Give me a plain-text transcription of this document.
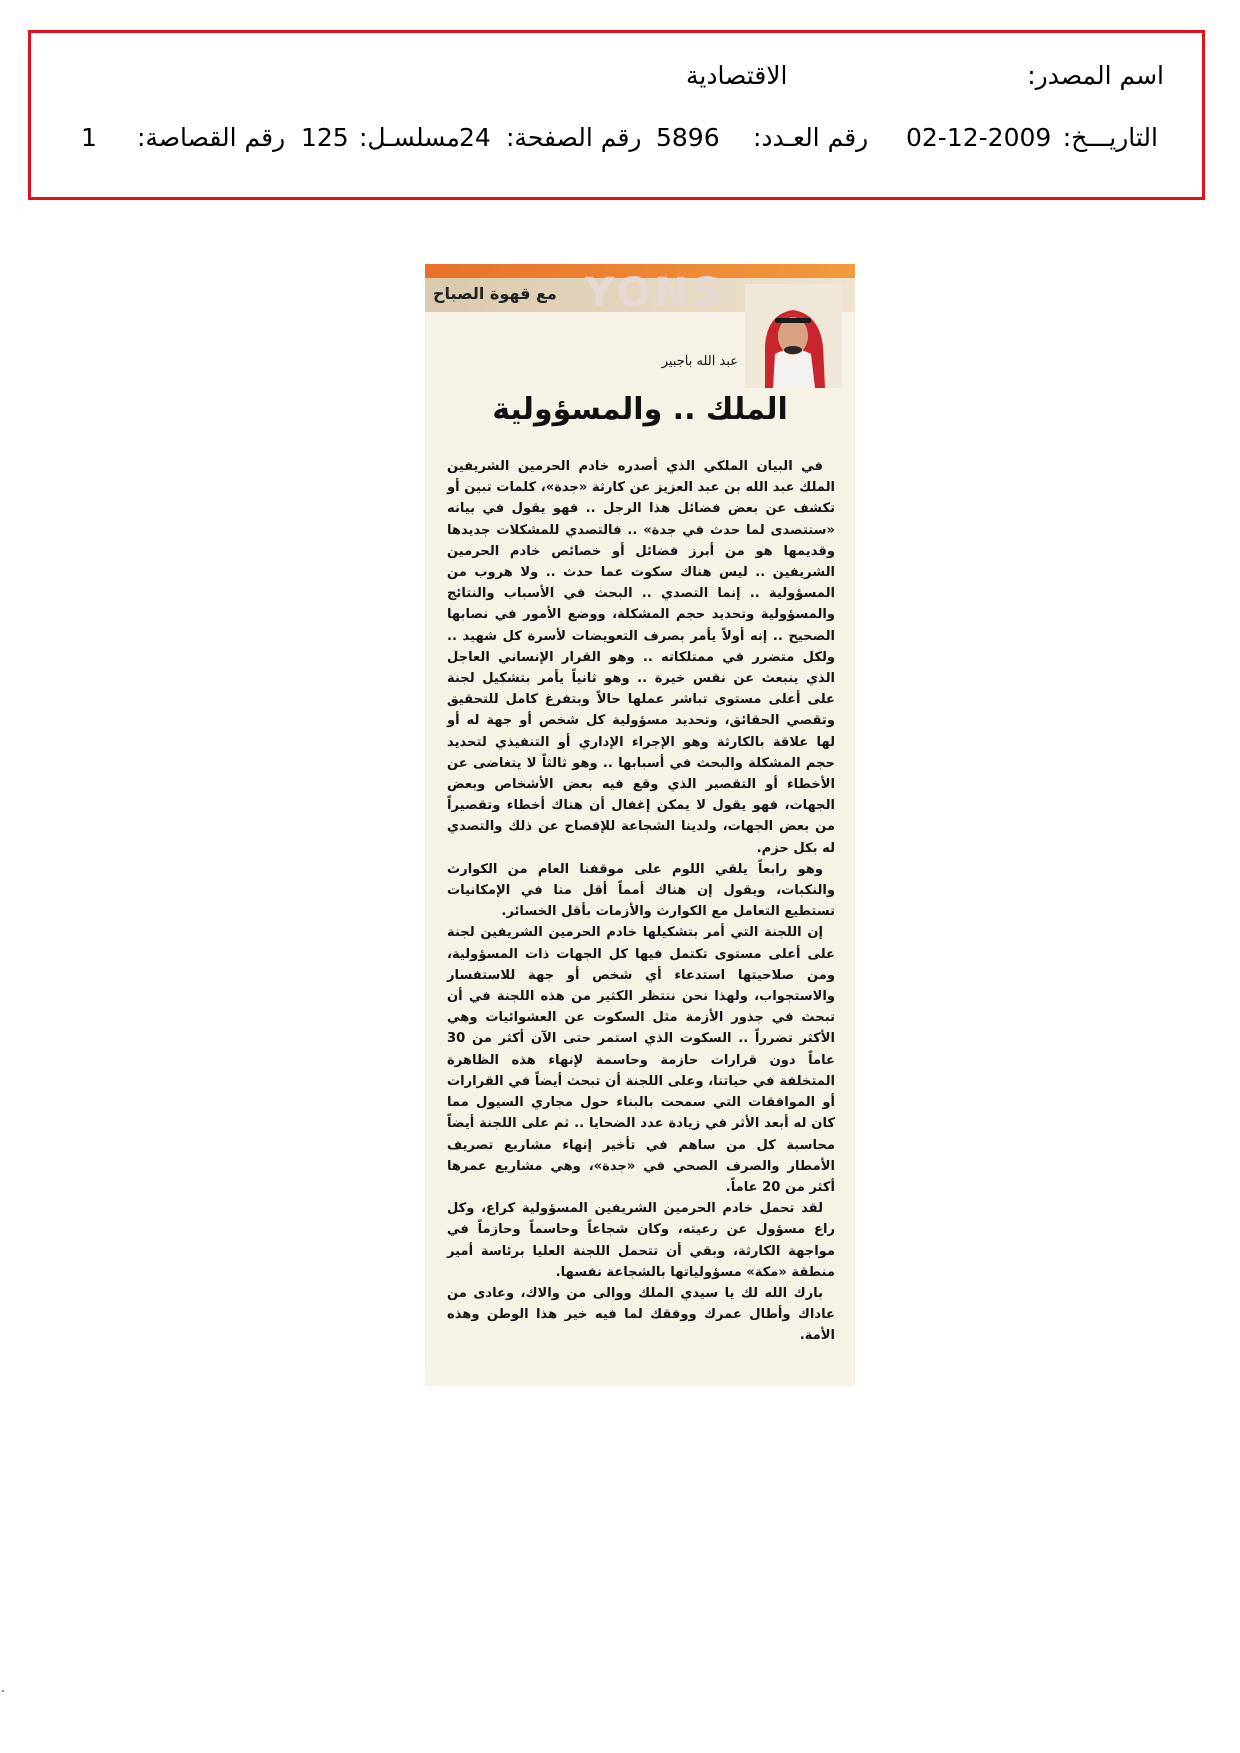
اسم المصدر:
الاقتصادية
التاريـــخ:
02-12-2009
رقم العـدد:
5896
رقم الصفحة:
24
مسلسـل:
125
رقم القصاصة:
1
YONS
مع قهوة الصباح
عبد الله باجبير
الملك .. والمسؤولية

في البيان الملكي الذي أصدره خادم الحرمين الشريفين الملك عبد الله بن عبد العزيز عن كارثة «جدة»، كلمات تبين أو تكشف عن بعض فضائل هذا الرجل .. فهو يقول في بيانه «سنتصدى لما حدث في جدة» .. فالتصدي للمشكلات جديدها وقديمها هو من أبرز فضائل أو خصائص خادم الحرمين الشريفين .. ليس هناك سكوت عما حدث .. ولا هروب من المسؤولية .. إنما التصدي .. البحث في الأسباب والنتائج والمسؤولية وتحديد حجم المشكلة، ووضع الأمور في نصابها الصحيح .. إنه أولاً يأمر بصرف التعويضات لأسرة كل شهيد .. ولكل متضرر في ممتلكاته .. وهو القرار الإنساني العاجل الذي ينبعث عن نفس خيرة .. وهو ثانياً يأمر بتشكيل لجنة على أعلى مستوى تباشر عملها حالاً وبتفرغ كامل للتحقيق وتقصي الحقائق، وتحديد مسؤولية كل شخص أو جهة له أو لها علاقة بالكارثة وهو الإجراء الإداري أو التنفيذي لتحديد حجم المشكلة والبحث في أسبابها .. وهو ثالثاً لا يتغاضى عن الأخطاء أو التقصير الذي وقع فيه بعض الأشخاص وبعض الجهات، فهو يقول لا يمكن إغفال أن هناك أخطاء وتقصيراً من بعض الجهات، ولدينا الشجاعة للإفصاح عن ذلك والتصدي له بكل حزم.

وهو رابعاً يلقي اللوم على موقفنا العام من الكوارث والنكبات، ويقول إن هناك أمماً أقل منا في الإمكانيات تستطيع التعامل مع الكوارث والأزمات بأقل الخسائر.

إن اللجنة التي أمر بتشكيلها خادم الحرمين الشريفين لجنة على أعلى مستوى تكتمل فيها كل الجهات ذات المسؤولية، ومن صلاحيتها استدعاء أي شخص أو جهة للاستفسار والاستجواب، ولهذا نحن ننتظر الكثير من هذه اللجنة في أن تبحث في جذور الأزمة مثل السكوت عن العشوائيات وهي الأكثر تضرراً .. السكوت الذي استمر حتى الآن أكثر من 30 عاماً دون قرارات حازمة وحاسمة لإنهاء هذه الظاهرة المتخلفة في حياتنا، وعلى اللجنة أن تبحث أيضاً في القرارات أو الموافقات التي سمحت بالبناء حول مجاري السيول مما كان له أبعد الأثر في زيادة عدد الضحايا .. ثم على اللجنة أيضاً محاسبة كل من ساهم في تأخير إنهاء مشاريع تصريف الأمطار والصرف الصحي في «جدة»، وهي مشاريع عمرها أكثر من 20 عاماً.

لقد تحمل خادم الحرمين الشريفين المسؤولية كراع، وكل راع مسؤول عن رعيته، وكان شجاعاً وحاسماً وحازماً في مواجهة الكارثة، وبقي أن تتحمل اللجنة العليا برئاسة أمير منطقة «مكة» مسؤولياتها بالشجاعة نفسها.

بارك الله لك يا سيدي الملك ووالى من والاك، وعادى من عاداك وأطال عمرك ووفقك لما فيه خير هذا الوطن وهذه الأمة.
